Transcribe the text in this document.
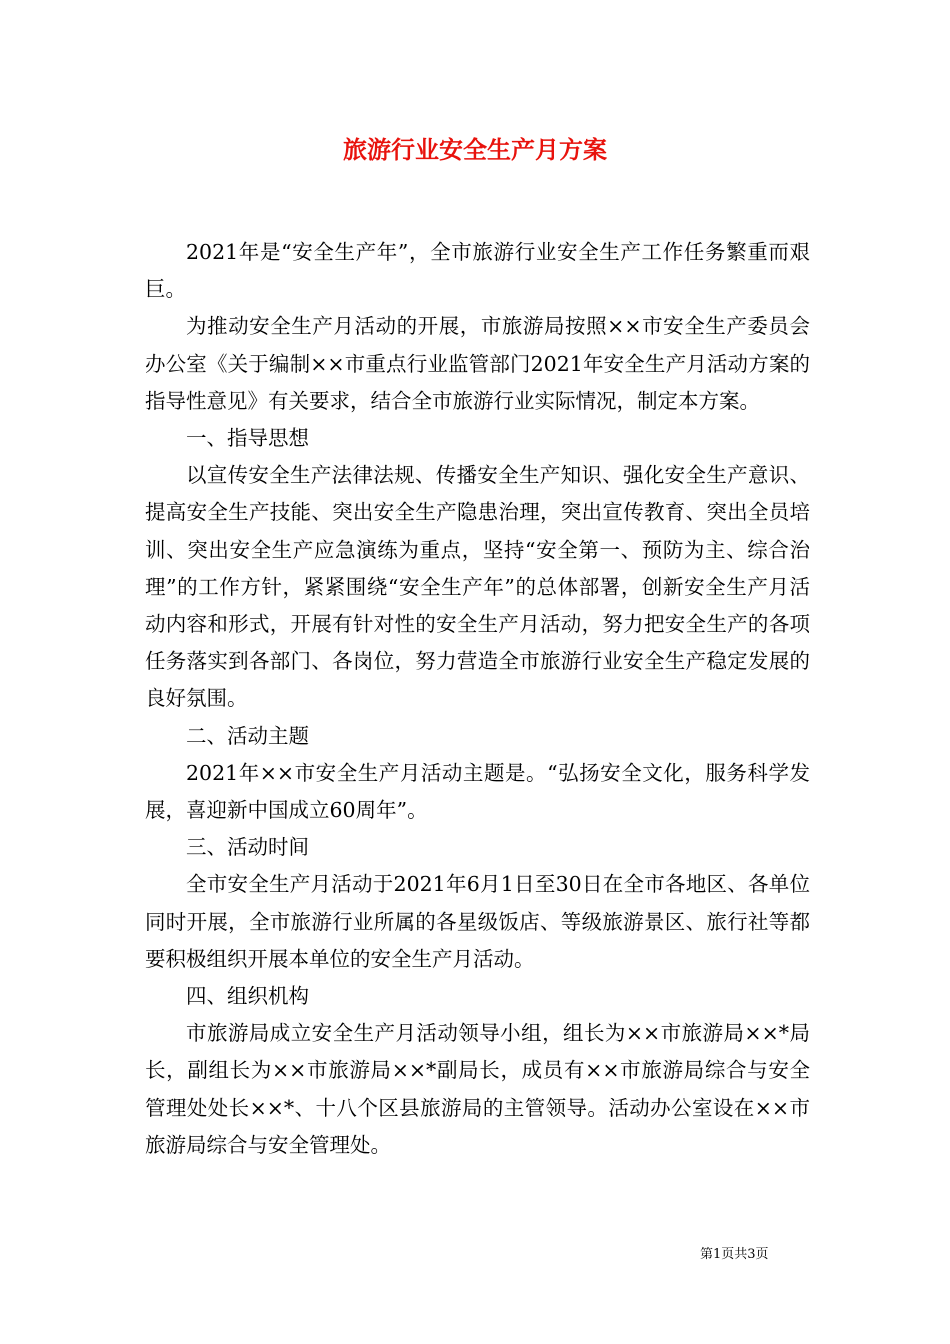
旅游行业安全生产月方案

2021年是“安全生产年”，全市旅游行业安全生产工作任务繁重而艰巨。

为推动安全生产月活动的开展，市旅游局按照××市安全生产委员会办公室《关于编制××市重点行业监管部门2021年安全生产月活动方案的指导性意见》有关要求，结合全市旅游行业实际情况，制定本方案。

一、指导思想

以宣传安全生产法律法规、传播安全生产知识、强化安全生产意识、提高安全生产技能、突出安全生产隐患治理，突出宣传教育、突出全员培训、突出安全生产应急演练为重点，坚持“安全第一、预防为主、综合治理”的工作方针，紧紧围绕“安全生产年”的总体部署，创新安全生产月活动内容和形式，开展有针对性的安全生产月活动，努力把安全生产的各项任务落实到各部门、各岗位，努力营造全市旅游行业安全生产稳定发展的良好氛围。

二、活动主题

2021年××市安全生产月活动主题是。“弘扬安全文化，服务科学发展，喜迎新中国成立60周年”。

三、活动时间

全市安全生产月活动于2021年6月1日至30日在全市各地区、各单位同时开展，全市旅游行业所属的各星级饭店、等级旅游景区、旅行社等都要积极组织开展本单位的安全生产月活动。

四、组织机构

市旅游局成立安全生产月活动领导小组，组长为××市旅游局××*局长，副组长为××市旅游局××*副局长，成员有××市旅游局综合与安全管理处处长××*、十八个区县旅游局的主管领导。活动办公室设在××市旅游局综合与安全管理处。

第1页共3页
